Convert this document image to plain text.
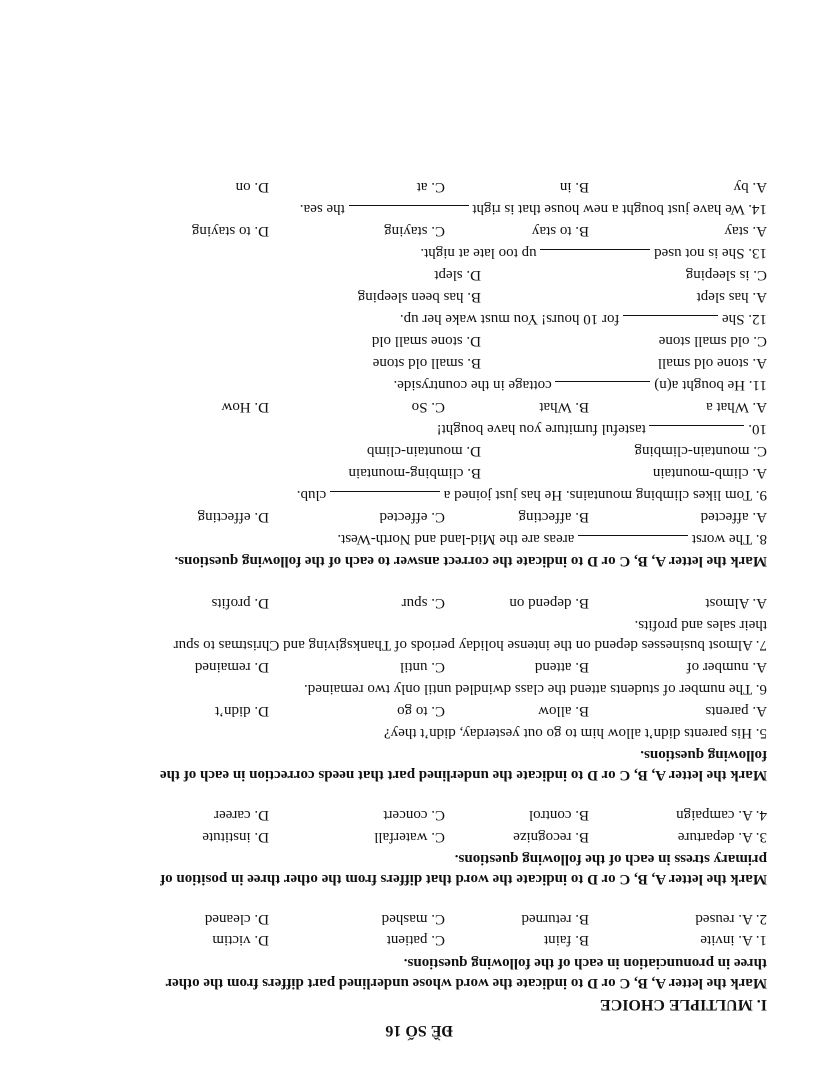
ĐỀ SỐ 16
I. MULTIPLE CHOICE
Mark the letter A, B, C or D to indicate the word whose underlined part differs from the other
three in pronunciation in each of the following questions.
1. A. invite
B. faint
C. patient
D. victim
2. A. reused
B. returned
C. mashed
D. cleaned
Mark the letter A, B, C or D to indicate the word that differs from the other three in position of
primary stress in each of the following questions.
3. A. departure
B. recognize
C. waterfall
D. institute
4. A. campaign
B. control
C. concert
D. career
Mark the letter A, B, C or D to indicate the underlined part that needs correction in each of the
following questions.
5. His parents didn’t allow him to go out yesterday, didn’t they?
A. parents
B. allow
C. to go
D. didn’t
6. The number of students attend the class dwindled until only two remained.
A. number of
B. attend
C. until
D. remained
7. Almost businesses depend on the intense holiday periods of Thanksgiving and Christmas to spur
their sales and profits.
A. Almost
B. depend on
C. spur
D. profits
Mark the letter A, B, C or D to indicate the correct answer to each of the following questions.
8. The worst  areas are the Mid-land and North-West.
A. affected
B. affecting
C. effected
D. effecting
9. Tom likes climbing mountains. He has just joined a  club.
A. climb-mountain
B. climbing-mountain
C. mountain-climbing
D. mountain-climb
10.  tasteful furniture you have bought!
A. What a
B. What
C. So
D. How
11. He bought a(n)  cottage in the countryside.
A. stone old small
B. small old stone
C. old small stone
D. stone small old
12. She  for 10 hours! You must wake her up.
A. has slept
B. has been sleeping
C. is sleeping
D. slept
13. She is not used  up too late at night.
A. stay
B. to stay
C. staying
D. to staying
14. We have just bought a new house that is right  the sea.
A. by
B. in
C. at
D. on
